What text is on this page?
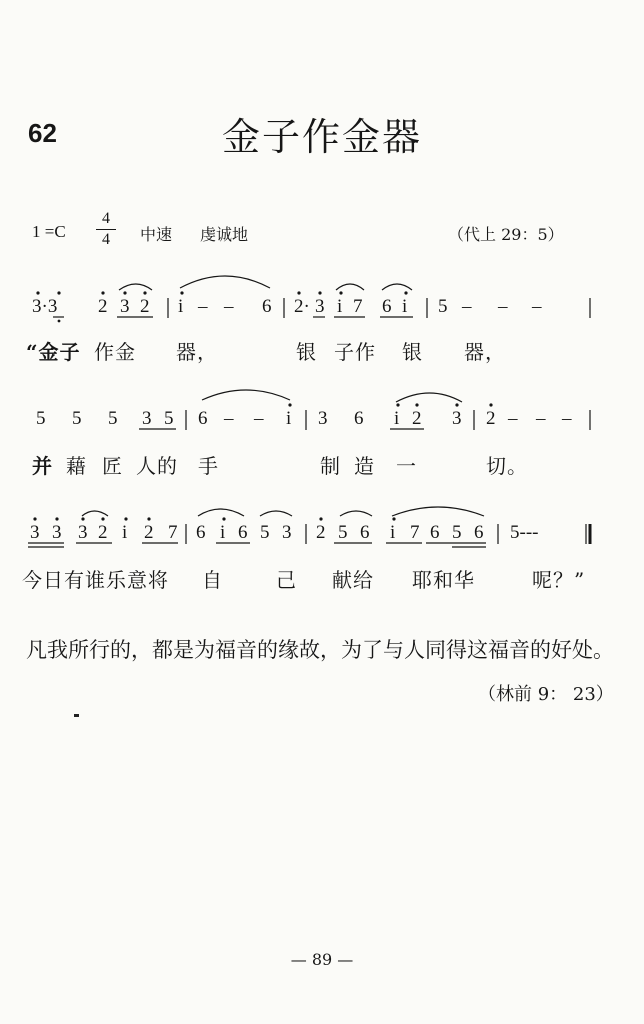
62	金子作金器
1 =C
4
4	中速 虔诚地	（代上 29：5）
3·3 2 3 2 i – – 6 2· 3 i 7 6 i 5 – – –
“金子 作金 器，	银 子作 银 器，
5 5 5 3 5 6 – – i 3 6 i 2 3 2 – – –
并 藉 匠 人的 手	制 造 一	切。
3 3 3 2 i 2 7 6 i 6 5 3 2 5 6 i 7 6 5 6 5---
今日有谁乐意将 自	己 献给 耶和华	呢？”
凡我所行的，都是为福音的缘故，为了与人同得这福音的好处。
（林前 9： 23）
— 89 —
